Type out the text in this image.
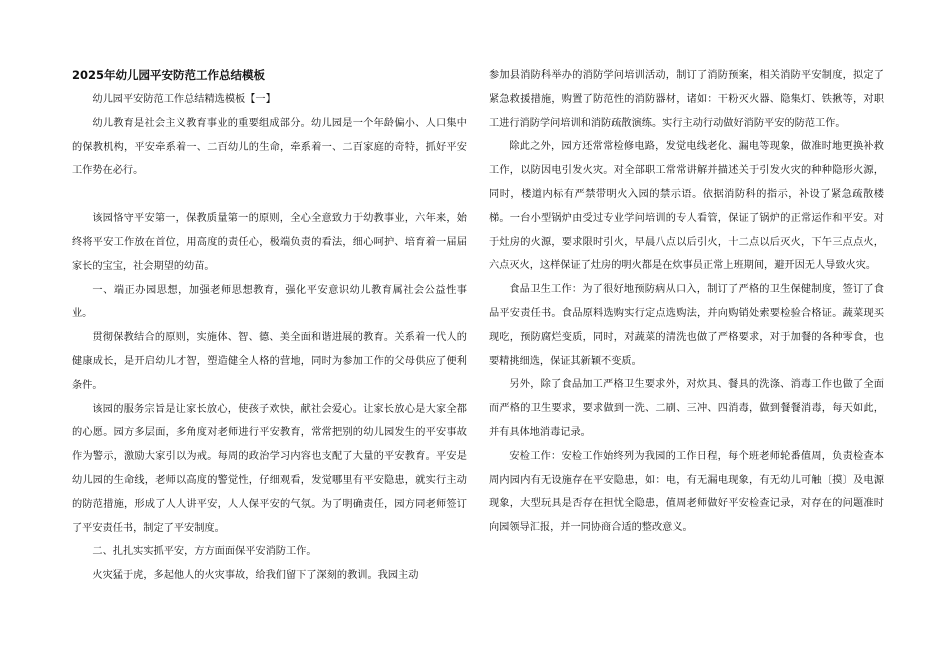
2025年幼儿园平安防范工作总结模板

幼儿园平安防范工作总结精选模板【一】

幼儿教育是社会主义教育事业的重要组成部分。幼儿园是一个年龄偏小、人口集中的保教机构，平安牵系着一、二百幼儿的生命，牵系着一、二百家庭的奇特，抓好平安工作势在必行。

该园恪守平安第一，保教质量第一的原则，全心全意致力于幼教事业，六年来，始终将平安工作放在首位，用高度的责任心，极端负责的看法，细心呵护、培育着一届届家长的宝宝，社会期望的幼苗。

一、端正办园思想，加强老师思想教育，强化平安意识幼儿教育属社会公益性事业。

贯彻保教结合的原则，实施体、智、德、美全面和谐进展的教育。关系着一代人的健康成长，是开启幼儿才智，塑造健全人格的营地，同时为参加工作的父母供应了便利条件。

该园的服务宗旨是让家长放心，使孩子欢快，献社会爱心。让家长放心是大家全都的心愿。园方多层面，多角度对老师进行平安教育，常常把别的幼儿园发生的平安事故作为警示，激励大家引以为戒。每周的政治学习内容也支配了大量的平安教育。平安是幼儿园的生命线，老师以高度的警觉性，仔细观看，发觉哪里有平安隐患，就实行主动的防范措施，形成了人人讲平安，人人保平安的气氛。为了明确责任，园方同老师签订了平安责任书，制定了平安制度。

二、扎扎实实抓平安，方方面面保平安消防工作。

火灾猛于虎，多起他人的火灾事故，给我们留下了深刻的教训。我园主动

参加县消防科举办的消防学问培训活动，制订了消防预案，相关消防平安制度，拟定了紧急救援措施，购置了防范性的消防器材，诸如：干粉灭火器、隐集灯、铁揪等，对职工进行消防学问培训和消防疏散演练。实行主动行动做好消防平安的防范工作。

除此之外，园方还常常检修电路，发觉电线老化、漏电等现象，做准时地更换补救工作，以防因电引发火灾。对全部职工常常讲解并描述关于引发火灾的种种隐形火源，同时，楼道内标有严禁带明火入园的禁示语。依据消防科的指示，补设了紧急疏散楼梯。一台小型锅炉由受过专业学问培训的专人看管，保证了锅炉的正常运作和平安。对于灶房的火源，要求限时引火，早晨八点以后引火，十二点以后灭火，下午三点点火，六点灭火，这样保证了灶房的明火都是在炊事员正常上班期间，避开因无人导致火灾。

食品卫生工作：为了很好地预防病从口入，制订了严格的卫生保健制度，签订了食品平安责任书。食品原料选购实行定点选购法，并向购销处索要检验合格证。蔬菜现买现吃，预防腐烂变质，同时，对蔬菜的清洗也做了严格要求，对于加餐的各种零食，也要精挑细选，保证其新颖不变质。

另外，除了食品加工严格卫生要求外，对炊具、餐具的洗涤、消毒工作也做了全面而严格的卫生要求，要求做到一洗、二刷、三冲、四消毒，做到餐餐消毒，每天如此，并有具体地消毒记录。

安检工作：安检工作始终列为我园的工作日程，每个班老师轮番值周，负责检查本周内园内有无设施存在平安隐患，如：电，有无漏电现象，有无幼儿可触〔摸〕及电源现象，大型玩具是否存在担忧全隐患，值周老师做好平安检查记录，对存在的问题准时向园领导汇报，并一同协商合适的整改意义。
